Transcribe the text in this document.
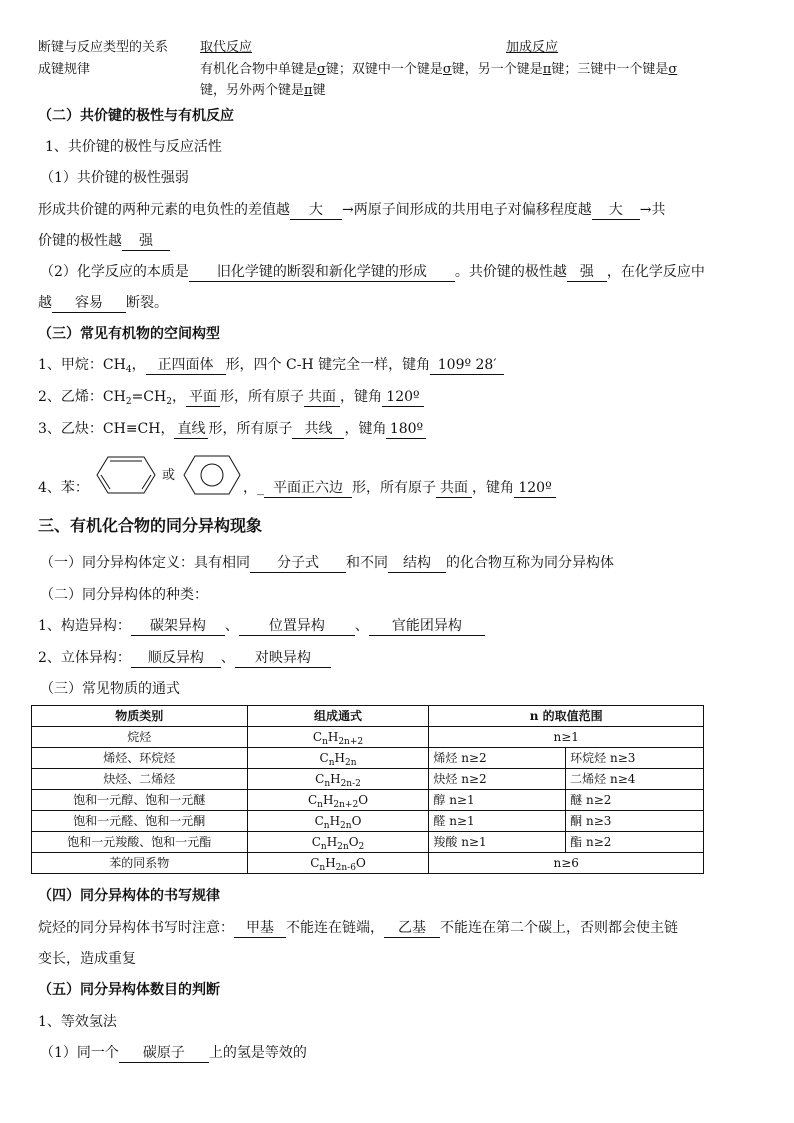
断键与反应类型的关系 取代反应	加成反应
成键规律	有机化合物中单键是σ键；双键中一个键是σ键，另一个键是π键；三键中一个键是σ
键，另外两个键是π键
（二）共价键的极性与有机反应
1、共价键的极性与反应活性
（1）共价键的极性强弱
形成共价键的两种元素的电负性的差值越 大 →两原子间形成的共用电子对偏移程度越 大 →共
价键的极性越 强
（2）化学反应的本质是 旧化学键的断裂和新化学键的形成 。共价键的极性越 强 ，在化学反应中
越 容易 断裂。
（三）常见有机物的空间构型
1、甲烷：$CH_4$， 正四面体 形，四个 C-H 键完全一样，键角 109º 28′
2、乙烯：$CH_2=CH_2$， 平面 形，所有原子 共面 ，键角 120º
3、乙炔：CH≡CH， 直线 形，所有原子 共线 ，键角 180º
4、苯：
或
，_ 平面正六边 形，所有原子 共面 ，键角 120º
三、有机化合物的同分异构现象
（一）同分异构体定义：具有相同 分子式 和不同 结构 的化合物互称为同分异构体
（二）同分异构体的种类：
1、构造异构： 碳架异构 、 位置异构 、 官能团异构
2、立体异构： 顺反异构 、 对映异构
（三）常见物质的通式
物质类别	组成通式	n 的取值范围	
烷烃	$C_nH_{2n+2}$	n≥1	
烯烃、环烷烃	$C_nH_{2n}$	烯烃 n≥2	环烷烃 n≥3
炔烃、二烯烃	$C_nH_{2n-2}$	炔烃 n≥2	二烯烃 n≥4
饱和一元醇、饱和一元醚	$C_nH_{2n+2}O$	醇 n≥1	醚 n≥2
饱和一元醛、饱和一元酮	$C_nH_{2n}O$	醛 n≥1	酮 n≥3
饱和一元羧酸、饱和一元酯	$C_nH_{2n}O_2$	羧酸 n≥1	酯 n≥2
苯的同系物	$C_nH_{2n-6}O$	n≥6	
（四）同分异构体的书写规律
烷烃的同分异构体书写时注意： 甲基 不能连在链端， 乙基 不能连在第二个碳上，否则都会使主链
变长，造成重复
（五）同分异构体数目的判断
1、等效氢法
（1）同一个 碳原子 上的氢是等效的
